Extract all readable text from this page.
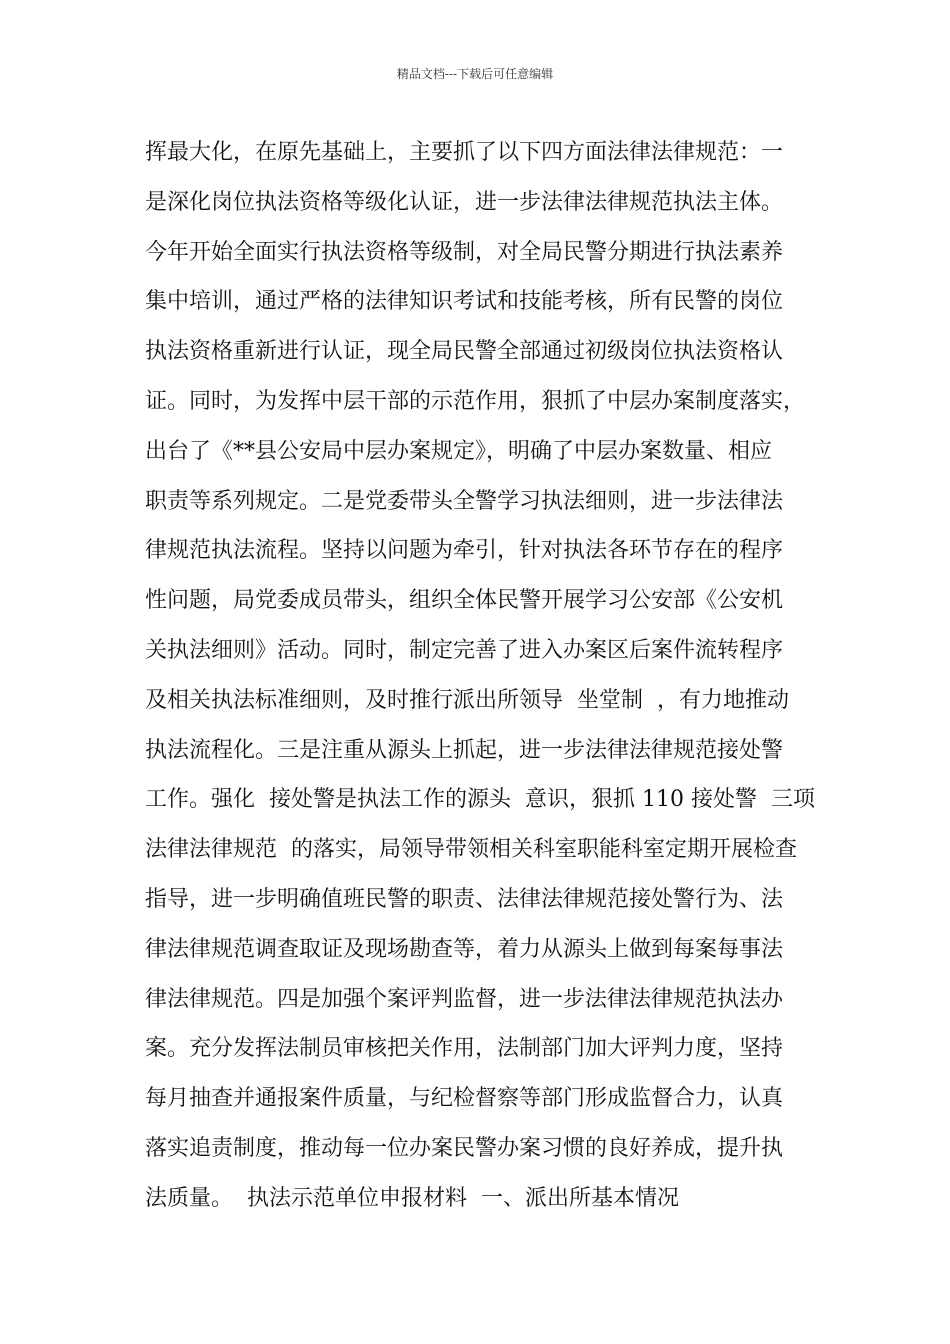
精品文档---下载后可任意编辑
挥最大化，在原先基础上，主要抓了以下四方面法律法律规范：一
是深化岗位执法资格等级化认证，进一步法律法律规范执法主体。
今年开始全面实行执法资格等级制，对全局民警分期进行执法素养
集中培训，通过严格的法律知识考试和技能考核，所有民警的岗位
执法资格重新进行认证，现全局民警全部通过初级岗位执法资格认
证。同时，为发挥中层干部的示范作用，狠抓了中层办案制度落实，
出台了《**县公安局中层办案规定》，明确了中层办案数量、相应
职责等系列规定。二是党委带头全警学习执法细则，进一步法律法
律规范执法流程。坚持以问题为牵引，针对执法各环节存在的程序
性问题，局党委成员带头，组织全体民警开展学习公安部《公安机
关执法细则》活动。同时，制定完善了进入办案区后案件流转程序
及相关执法标准细则，及时推行派出所领导  坐堂制  ，有力地推动
执法流程化。三是注重从源头上抓起，进一步法律法律规范接处警
工作。强化  接处警是执法工作的源头  意识，狠抓 110 接处警  三项
法律法律规范  的落实，局领导带领相关科室职能科室定期开展检查
指导，进一步明确值班民警的职责、法律法律规范接处警行为、法
律法律规范调查取证及现场勘查等，着力从源头上做到每案每事法
律法律规范。四是加强个案评判监督，进一步法律法律规范执法办
案。充分发挥法制员审核把关作用，法制部门加大评判力度，坚持
每月抽查并通报案件质量，与纪检督察等部门形成监督合力，认真
落实追责制度，推动每一位办案民警办案习惯的良好养成，提升执
法质量。  执法示范单位申报材料  一、派出所基本情况
